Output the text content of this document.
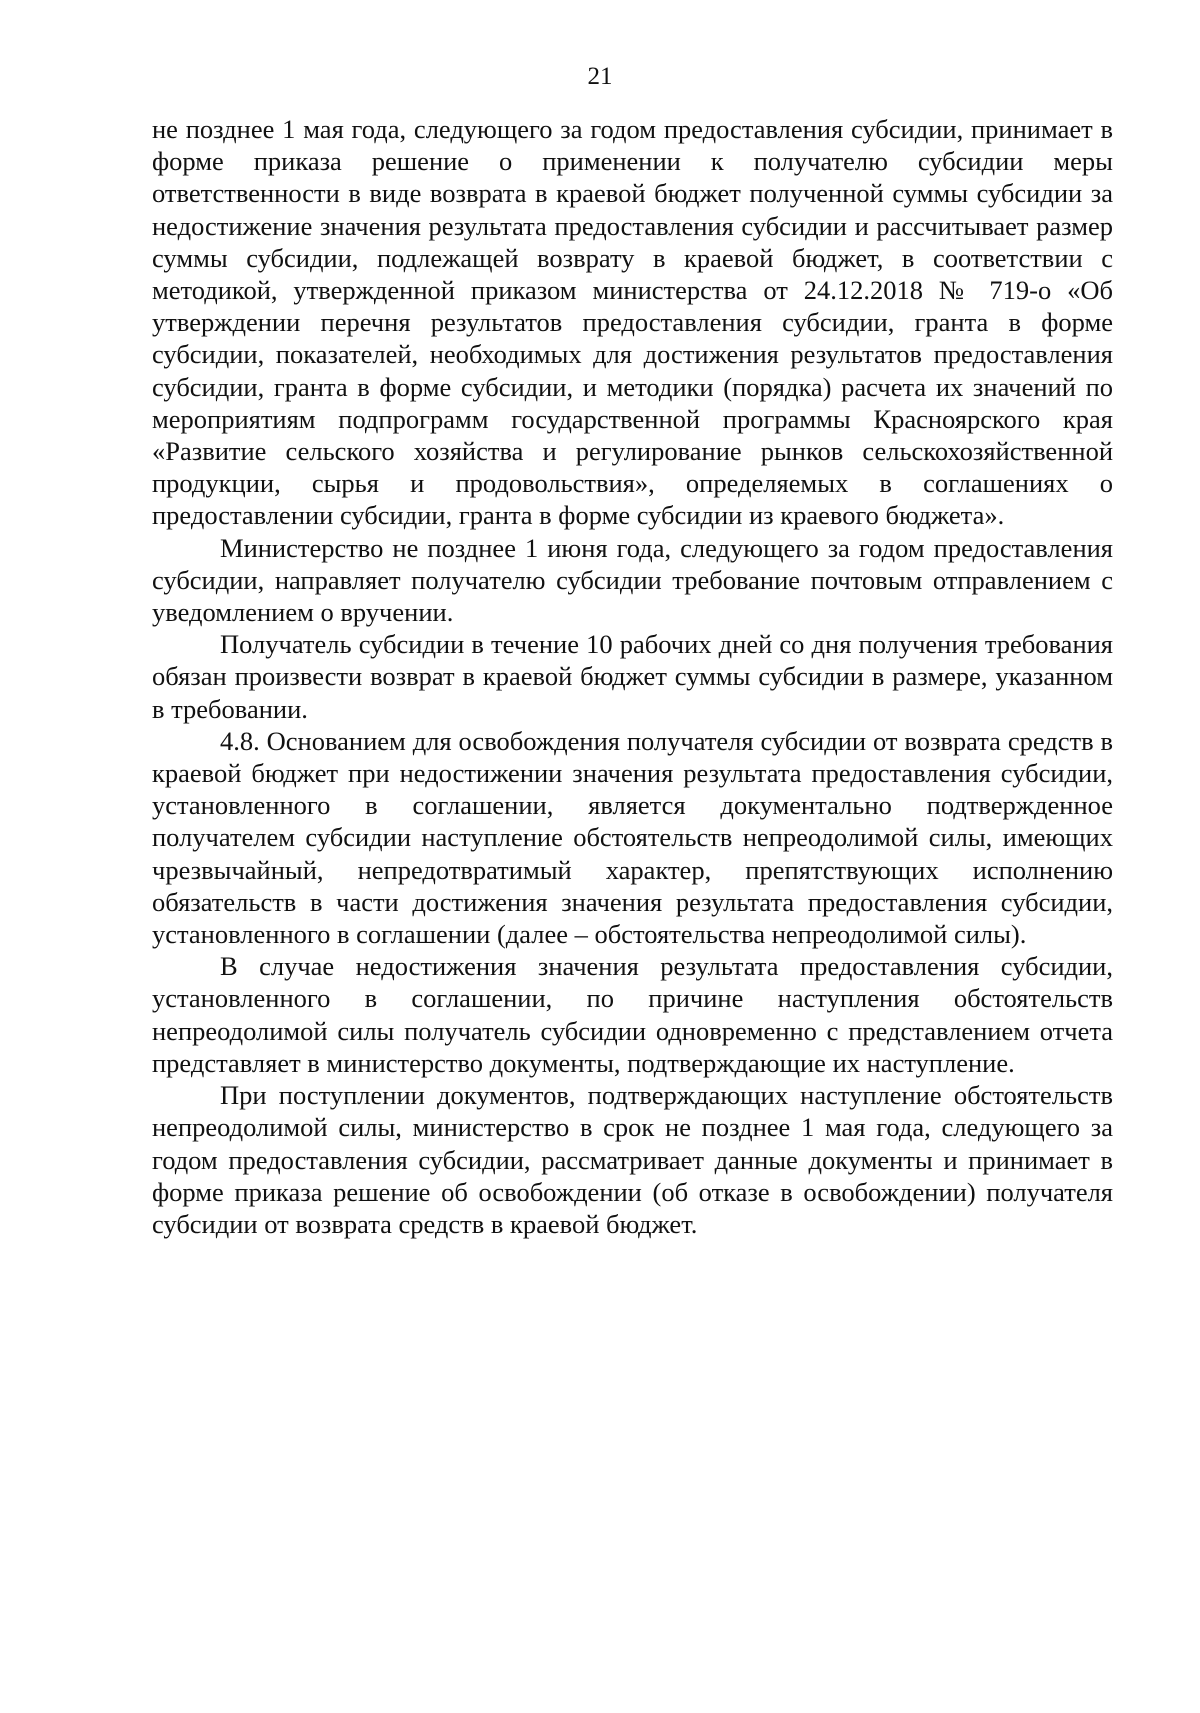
21

не позднее 1 мая года, следующего за годом предоставления субсидии, принимает в форме приказа решение о применении к получателю субсидии меры ответственности в виде возврата в краевой бюджет полученной суммы субсидии за недостижение значения результата предоставления субсидии и рассчитывает размер суммы субсидии, подлежащей возврату в краевой бюджет, в соответствии с методикой, утвержденной приказом министерства от 24.12.2018 № 719-о «Об утверждении перечня результатов предоставления субсидии, гранта в форме субсидии, показателей, необходимых для достижения результатов предоставления субсидии, гранта в форме субсидии, и методики (порядка) расчета их значений по мероприятиям подпрограмм государственной программы Красноярского края «Развитие сельского хозяйства и регулирование рынков сельскохозяйственной продукции, сырья и продовольствия», определяемых в соглашениях о предоставлении субсидии, гранта в форме субсидии из краевого бюджета».

Министерство не позднее 1 июня года, следующего за годом предоставления субсидии, направляет получателю субсидии требование почтовым отправлением с уведомлением о вручении.

Получатель субсидии в течение 10 рабочих дней со дня получения требования обязан произвести возврат в краевой бюджет суммы субсидии в размере, указанном в требовании.

4.8. Основанием для освобождения получателя субсидии от возврата средств в краевой бюджет при недостижении значения результата предоставления субсидии, установленного в соглашении, является документально подтвержденное получателем субсидии наступление обстоятельств непреодолимой силы, имеющих чрезвычайный, непредотвратимый характер, препятствующих исполнению обязательств в части достижения значения результата предоставления субсидии, установленного в соглашении (далее – обстоятельства непреодолимой силы).

В случае недостижения значения результата предоставления субсидии, установленного в соглашении, по причине наступления обстоятельств непреодолимой силы получатель субсидии одновременно с представлением отчета представляет в министерство документы, подтверждающие их наступление.

При поступлении документов, подтверждающих наступление обстоятельств непреодолимой силы, министерство в срок не позднее 1 мая года, следующего за годом предоставления субсидии, рассматривает данные документы и принимает в форме приказа решение об освобождении (об отказе в освобождении) получателя субсидии от возврата средств в краевой бюджет.
